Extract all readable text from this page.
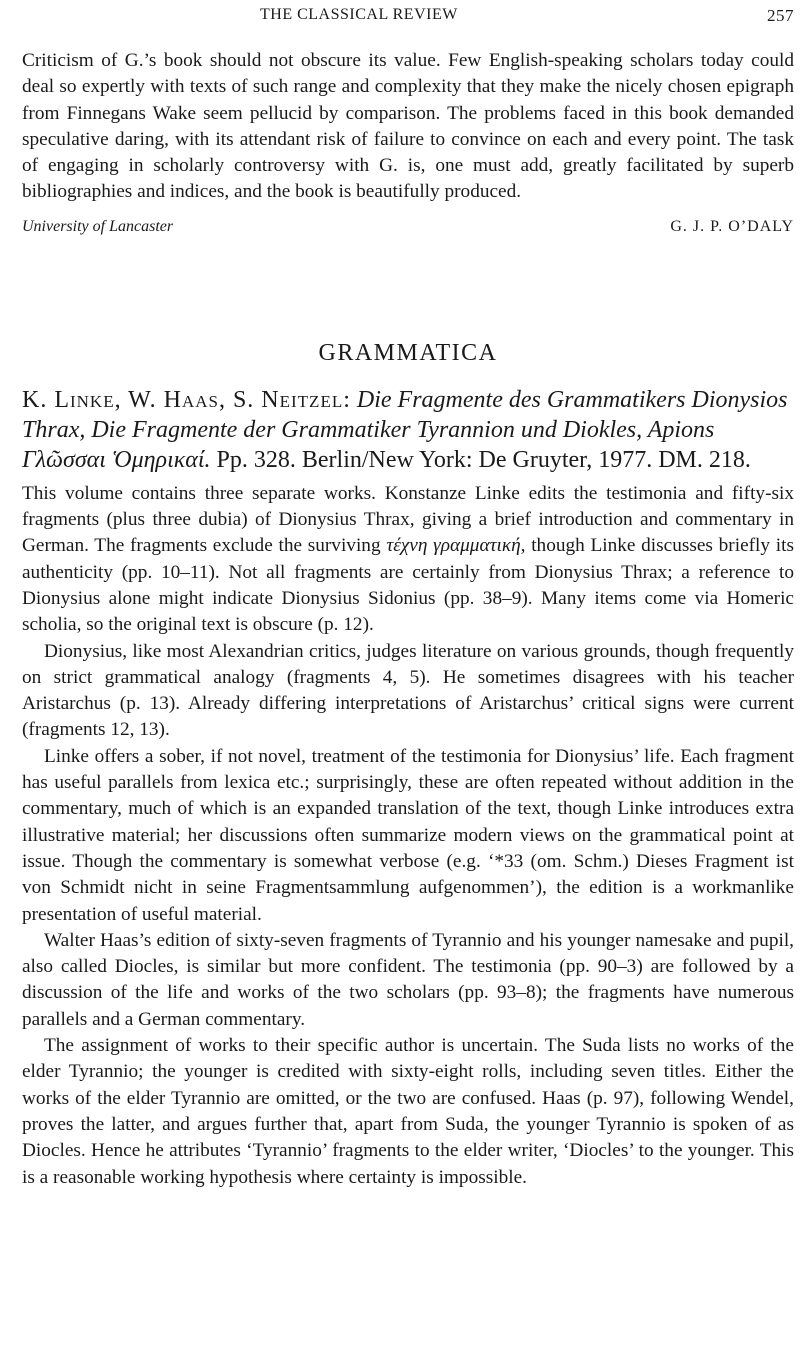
THE CLASSICAL REVIEW	257

Criticism of G.’s book should not obscure its value. Few English-speaking scholars today could deal so expertly with texts of such range and complexity that they make the nicely chosen epigraph from Finnegans Wake seem pellucid by comparison. The problems faced in this book demanded speculative daring, with its attendant risk of failure to convince on each and every point. The task of engaging in scholarly controversy with G. is, one must add, greatly facilitated by superb bibliographies and indices, and the book is beautifully produced.

University of Lancaster	G. J. P. O’DALY
GRAMMATICA

K. Linke, W. Haas, S. Neitzel: Die Fragmente des Grammatikers Dionysios Thrax, Die Fragmente der Grammatiker Tyrannion und Diokles, Apions Γλῶσσαι Ὁμηρικαί. Pp. 328. Berlin/New York: De Gruyter, 1977. DM. 218.

This volume contains three separate works. Konstanze Linke edits the testimonia and fifty-six fragments (plus three dubia) of Dionysius Thrax, giving a brief introduction and commentary in German. The fragments exclude the surviving τέχνη γραμματική, though Linke discusses briefly its authenticity (pp. 10–11). Not all fragments are certainly from Dionysius Thrax; a reference to Dionysius alone might indicate Dionysius Sidonius (pp. 38–9). Many items come via Homeric scholia, so the original text is obscure (p. 12).

Dionysius, like most Alexandrian critics, judges literature on various grounds, though frequently on strict grammatical analogy (fragments 4, 5). He sometimes disagrees with his teacher Aristarchus (p. 13). Already differing interpretations of Aristarchus’ critical signs were current (fragments 12, 13).

Linke offers a sober, if not novel, treatment of the testimonia for Dionysius’ life. Each fragment has useful parallels from lexica etc.; surprisingly, these are often repeated without addition in the commentary, much of which is an expanded translation of the text, though Linke introduces extra illustrative material; her discussions often summarize modern views on the grammatical point at issue. Though the commentary is somewhat verbose (e.g. ‘*33 (om. Schm.) Dieses Fragment ist von Schmidt nicht in seine Fragmentsammlung aufgenommen’), the edition is a workmanlike presentation of useful material.

Walter Haas’s edition of sixty-seven fragments of Tyrannio and his younger namesake and pupil, also called Diocles, is similar but more confident. The testimonia (pp. 90–3) are followed by a discussion of the life and works of the two scholars (pp. 93–8); the fragments have numerous parallels and a German commentary.

The assignment of works to their specific author is uncertain. The Suda lists no works of the elder Tyrannio; the younger is credited with sixty-eight rolls, including seven titles. Either the works of the elder Tyrannio are omitted, or the two are confused. Haas (p. 97), following Wendel, proves the latter, and argues further that, apart from Suda, the younger Tyrannio is spoken of as Diocles. Hence he attributes ‘Tyrannio’ fragments to the elder writer, ‘Diocles’ to the younger. This is a reasonable working hypothesis where certainty is impossible.
